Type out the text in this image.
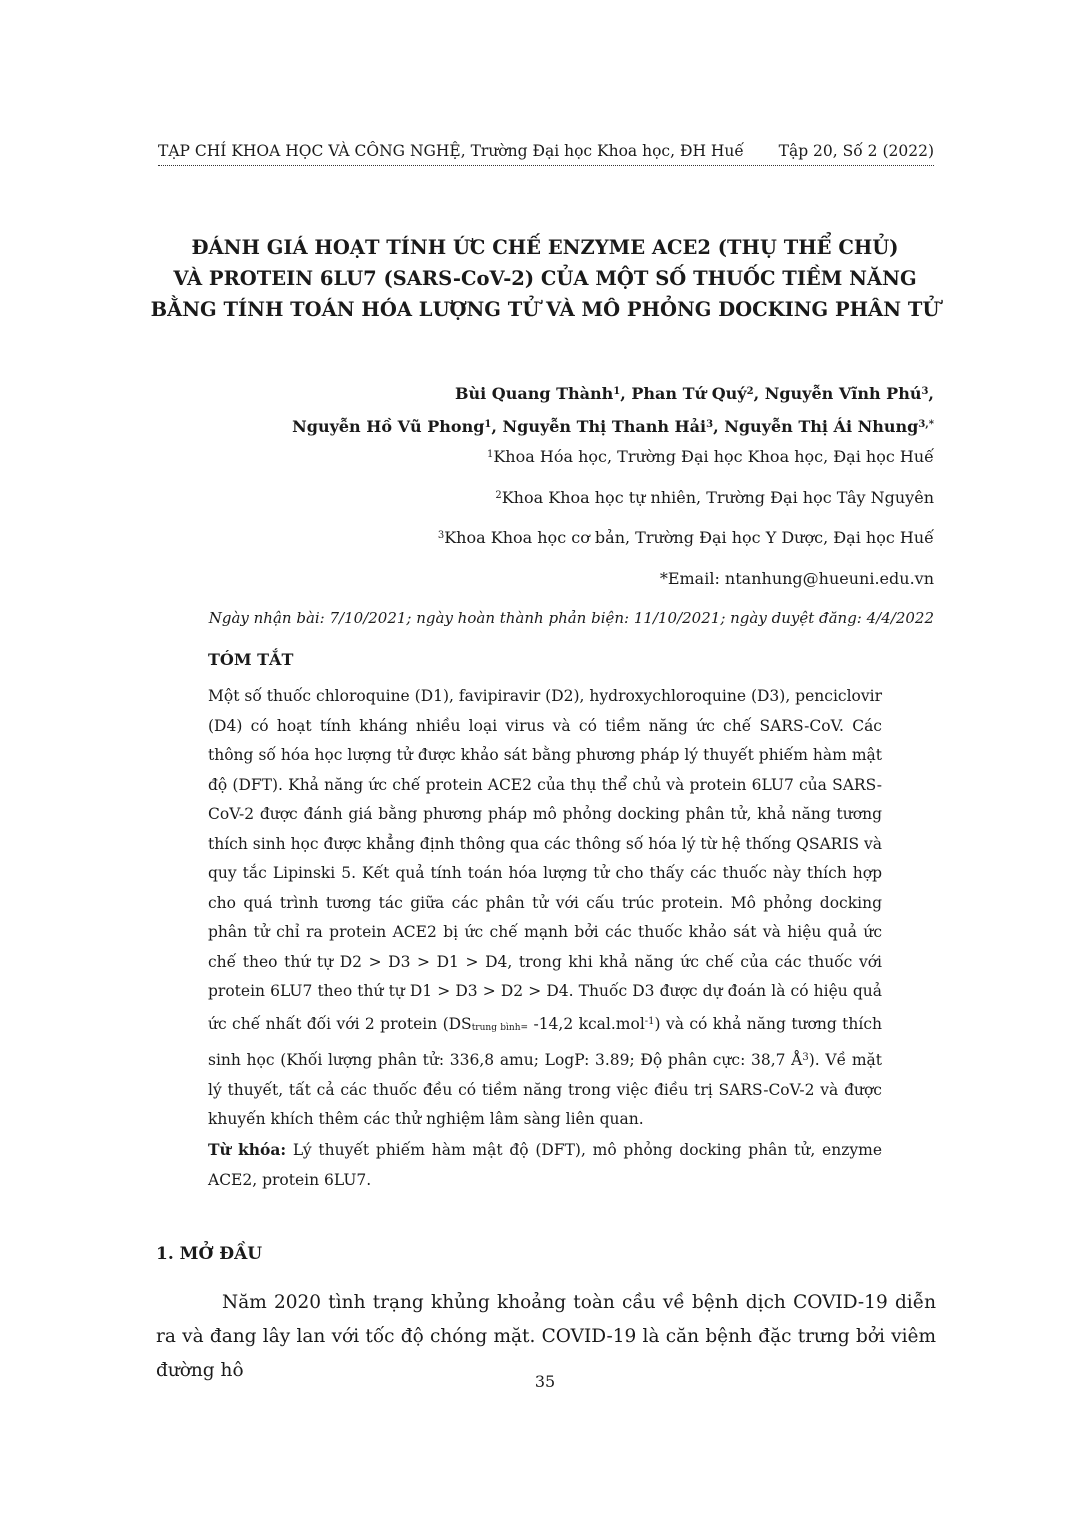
TẠP CHÍ KHOA HỌC VÀ CÔNG NGHỆ, Trường Đại học Khoa học, ĐH Huế Tập 20, Số 2 (2022)
ĐÁNH GIÁ HOẠT TÍNH ỨC CHẾ ENZYME ACE2 (THỤ THỂ CHỦ)
VÀ PROTEIN 6LU7 (SARS-CoV-2) CỦA MỘT SỐ THUỐC TIỀM NĂNG
BẰNG TÍNH TOÁN HÓA LƯỢNG TỬ VÀ MÔ PHỎNG DOCKING PHÂN TỬ
Bùi Quang Thành$^1$, Phan Tứ Quý$^2$, Nguyễn Vĩnh Phú$^3$,
Nguyễn Hồ Vũ Phong$^1$, Nguyễn Thị Thanh Hải$^3$, Nguyễn Thị Ái Nhung$^{3,*}$
$^1$Khoa Hóa học, Trường Đại học Khoa học, Đại học Huế
$^2$Khoa Khoa học tự nhiên, Trường Đại học Tây Nguyên
$^3$Khoa Khoa học cơ bản, Trường Đại học Y Dược, Đại học Huế
*Email: ntanhung@hueuni.edu.vn
Ngày nhận bài: 7/10/2021; ngày hoàn thành phản biện: 11/10/2021; ngày duyệt đăng: 4/4/2022
TÓM TẮT

Một số thuốc chloroquine (D1), favipiravir (D2), hydroxychloroquine (D3), penciclovir (D4) có hoạt tính kháng nhiều loại virus và có tiềm năng ức chế SARS-CoV. Các thông số hóa học lượng tử được khảo sát bằng phương pháp lý thuyết phiếm hàm mật độ (DFT). Khả năng ức chế protein ACE2 của thụ thể chủ và protein 6LU7 của SARS-CoV-2 được đánh giá bằng phương pháp mô phỏng docking phân tử, khả năng tương thích sinh học được khẳng định thông qua các thông số hóa lý từ hệ thống QSARIS và quy tắc Lipinski 5. Kết quả tính toán hóa lượng tử cho thấy các thuốc này thích hợp cho quá trình tương tác giữa các phân tử với cấu trúc protein. Mô phỏng docking phân tử chỉ ra protein ACE2 bị ức chế mạnh bởi các thuốc khảo sát và hiệu quả ức chế theo thứ tự D2 > D3 > D1 > D4, trong khi khả năng ức chế của các thuốc với protein 6LU7 theo thứ tự D1 > D3 > D2 > D4. Thuốc D3 được dự đoán là có hiệu quả ức chế nhất đối với 2 protein ($DS_{trung bình=}$ -14,2 kcal.mol$^{-1}$) và có khả năng tương thích sinh học (Khối lượng phân tử: 336,8 amu; LogP: 3.89; Độ phân cực: 38,7 $Å^3$). Về mặt lý thuyết, tất cả các thuốc đều có tiềm năng trong việc điều trị SARS-CoV-2 và được khuyến khích thêm các thử nghiệm lâm sàng liên quan.

Từ khóa: Lý thuyết phiếm hàm mật độ (DFT), mô phỏng docking phân tử, enzyme ACE2, protein 6LU7.

1. MỞ ĐẦU

Năm 2020 tình trạng khủng khoảng toàn cầu về bệnh dịch COVID-19 diễn ra và đang lây lan với tốc độ chóng mặt. COVID-19 là căn bệnh đặc trưng bởi viêm đường hô

35
